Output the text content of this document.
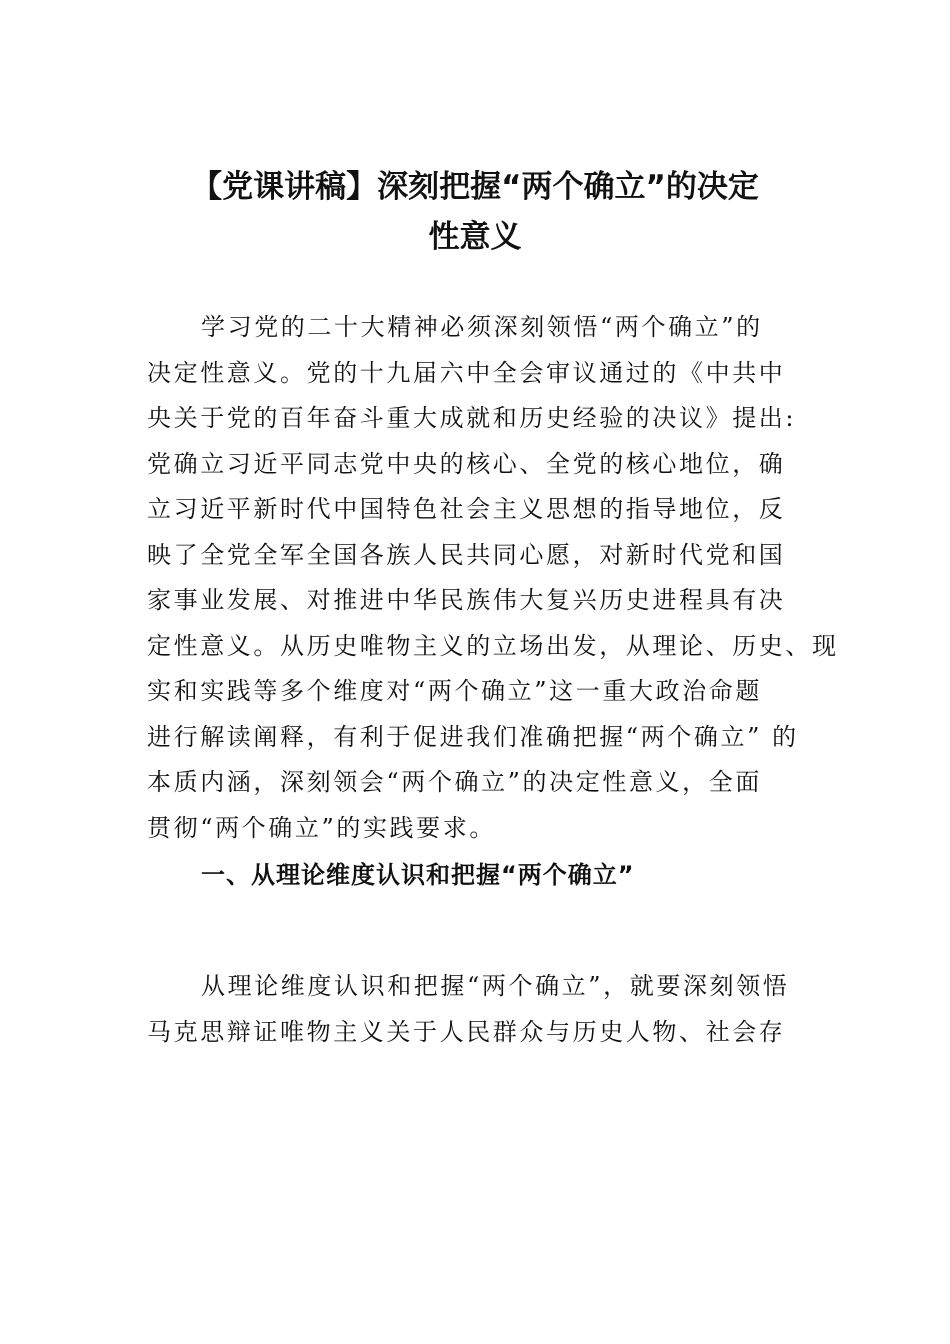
【党课讲稿】深刻把握“两个确立”的决定
性意义

学习党的二十大精神必须深刻领悟“两个确立”的
决定性意义。党的十九届六中全会审议通过的《中共中
央关于党的百年奋斗重大成就和历史经验的决议》提出:
党确立习近平同志党中央的核心、全党的核心地位，确
立习近平新时代中国特色社会主义思想的指导地位，反
映了全党全军全国各族人民共同心愿，对新时代党和国
家事业发展、对推进中华民族伟大复兴历史进程具有决
定性意义。从历史唯物主义的立场出发，从理论、历史、现
实和实践等多个维度对“两个确立”这一重大政治命题
进行解读阐释，有利于促进我们准确把握“两个确立” 的
本质内涵，深刻领会“两个确立”的决定性意义，全面
贯彻“两个确立”的实践要求。

一、从理论维度认识和把握“两个确立”

从理论维度认识和把握“两个确立”，就要深刻领悟
马克思辩证唯物主义关于人民群众与历史人物、社会存
